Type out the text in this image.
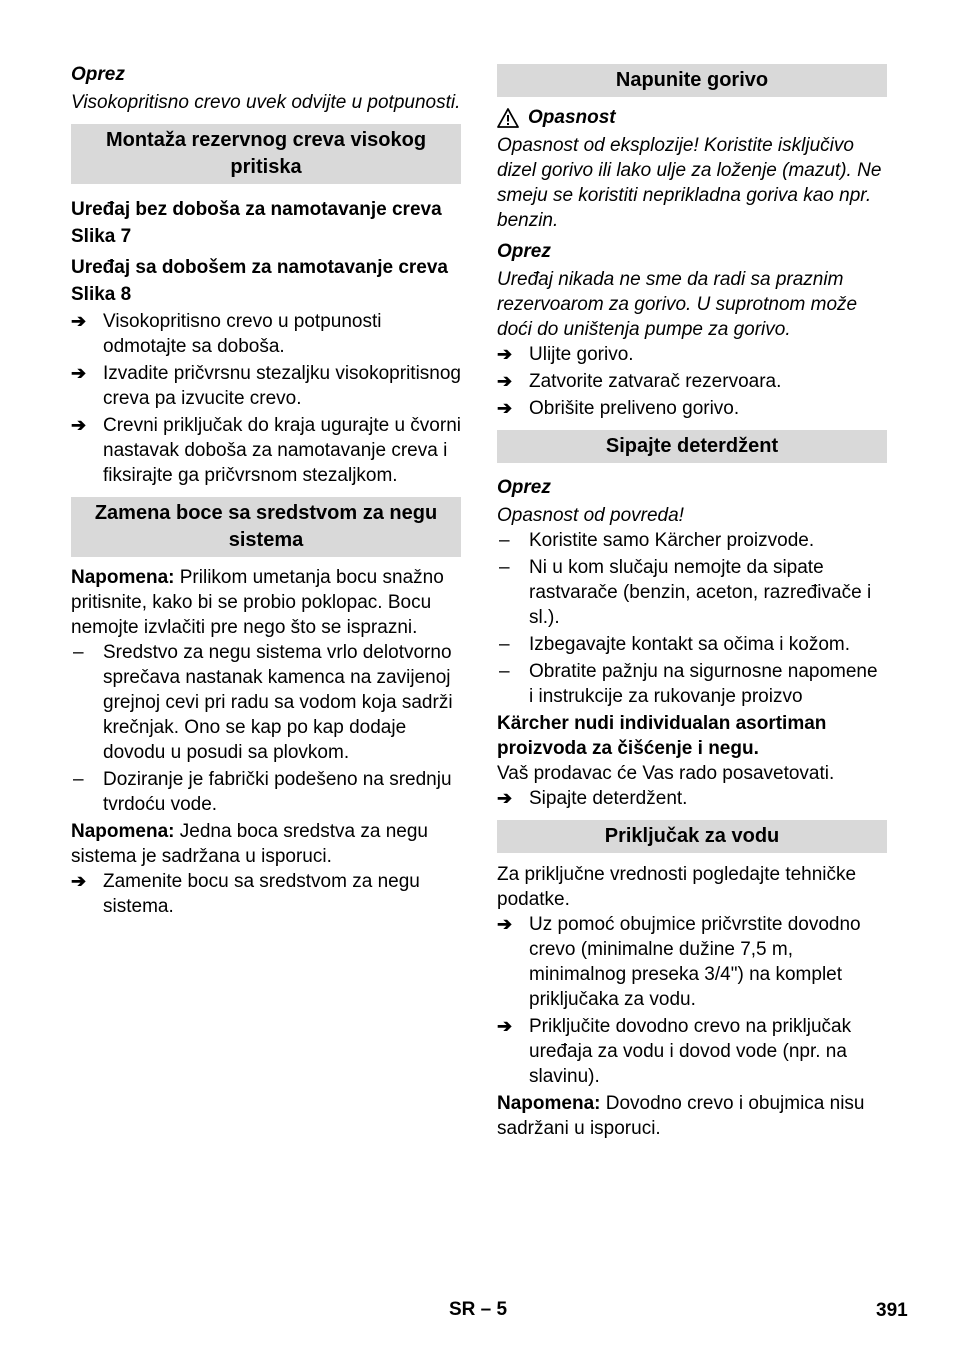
Oprez
Visokopritisno crevo uvek odvijte u potpunosti.
Montaža rezervnog creva visokog pritiska
Uređaj bez doboša za namotavanje creva
Slika 7
Uređaj sa dobošem za namotavanje creva
Slika 8
➔ Visokopritisno crevo u potpunosti odmotajte sa doboša.
➔ Izvadite pričvrsnu stezaljku visokopritisnog creva pa izvucite crevo.
➔ Crevni priključak do kraja ugurajte u čvorni nastavak doboša za namotavanje creva i fiksirajte ga pričvrsnom stezaljkom.
Zamena boce sa sredstvom za negu sistema
Napomena: Prilikom umetanja bocu snažno pritisnite, kako bi se probio poklopac. Bocu nemojte izvlačiti pre nego što se isprazni.
–	Sredstvo za negu sistema vrlo delotvorno sprečava nastanak kamenca na zavijenoj grejnoj cevi pri radu sa vodom koja sadrži krečnjak. Ono se kap po kap dodaje dovodu u posudi sa plovkom.
–	Doziranje je fabrički podešeno na srednju tvrdoću vode.
Napomena: Jedna boca sredstva za negu sistema je sadržana u isporuci.
➔ Zamenite bocu sa sredstvom za negu sistema.
Napunite gorivo
Opasnost
Opasnost od eksplozije! Koristite isključivo dizel gorivo ili lako ulje za loženje (mazut). Ne smeju se koristiti neprikladna goriva kao npr. benzin.
Oprez
Uređaj nikada ne sme da radi sa praznim rezervoarom za gorivo. U suprotnom može doći do uništenja pumpe za gorivo.
➔ Ulijte gorivo.
➔ Zatvorite zatvarač rezervoara.
➔ Obrišite preliveno gorivo.
Sipajte deterdžent
Oprez
Opasnost od povreda!
–	Koristite samo Kärcher proizvode.
–	Ni u kom slučaju nemojte da sipate rastvarače (benzin, aceton, razređivače i sl.).
–	Izbegavajte kontakt sa očima i kožom.
–	Obratite pažnju na sigurnosne napomene i instrukcije za rukovanje proizvo
Kärcher nudi individualan asortiman proizvoda za čišćenje i negu.
Vaš prodavac će Vas rado posavetovati.
➔ Sipajte deterdžent.
Priključak za vodu
Za priključne vrednosti pogledajte tehničke podatke.
➔ Uz pomoć obujmice pričvrstite dovodno crevo (minimalne dužine 7,5 m, minimalnog preseka 3/4") na komplet priključaka za vodu.
➔ Priključite dovodno crevo na priključak uređaja za vodu i dovod vode (npr. na slavinu).
Napomena: Dovodno crevo i obujmica nisu sadržani u isporuci.
SR – 5	391
